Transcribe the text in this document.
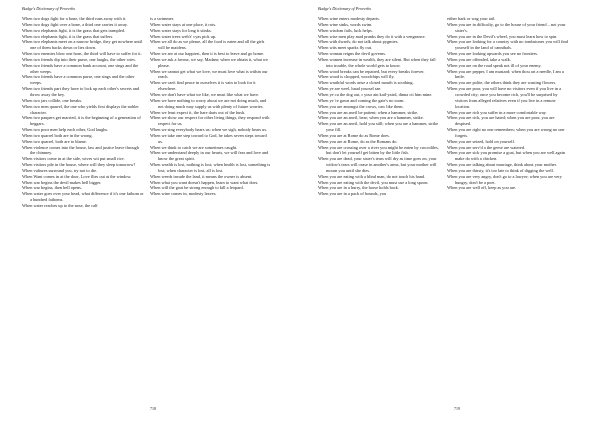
Budge's Dictionary of Proverbs
When two dogs fight for a bone, the third runs away with it.
When two dogs fight over a bone, a third one carries it away.
When two elephants fight, it is the grass that gets trampled.
When two elephants fight, it is the grass that suffers.
When two elephants meet on a narrow bridge, they get nowhere until one of them backs down or lies down.
When two enemies blow one horn, the third will have to suffer for it.
When two friends dip into their purse, one laughs, the other cries.
When two friends have a common bank account, one sings and the other weeps.
When two friends have a common purse, one sings and the other weeps.
When two friends part they have to lock up each other's secrets and throw away the key.
When two jars collide, one breaks.
When two men quarrel, the one who yields first displays the nobler character.
When two paupers get married, it is the beginning of a generation of beggars.
When two poor men help each other, God laughs.
When two quarrel both are in the wrong.
When two quarrel, both are to blame.
When violence comes into the house, law and justice leave through the chimney.
When visitors come in at the side, wives wit put small rice.
When visitors pile in the house, where will they sleep tomorrow?
When vultures surround you, try not to die.
When Want comes in at the door, Love flies out at the window.
When war begins the devil makes hell bigger.
When war begins, then hell opens.
When water goes over your head, what difference if it's one fathom or a hundred fathoms.
When water reaches up to the nose, the calf
is a swimmer.
When water stays at one place, it rots.
When water stays for long it stinks.
When water trees weh'z' cyas pick up.
When we all do as we please, all the food is eaten and all the girls will be maidens.
When we are at our happiest, then it is best to leave and go home.
When we ask a favour, we say, Madam; when we obtain it, what we please.
When we cannot get what we love, we must love what is within our reach.
When we can't find peace in ourselves it is vain to look for it elsewhere.
When we don't have what we like, we must like what we have.
When we have nothing to worry about we are not doing much, and not doing much may supply us with plenty of future worries.
When we least expect it, the hare darts out of the bush.
When we show our respect for other living things, they respond with respect for us.
When we sing everybody hears us; when we sigh, nobody hears us.
When we take one step toward to God, he takes seven steps toward us.
When we think to catch we are sometimes caught.
When we understand deeply in our hearts, we will fear and love and know the great spirit.
When wealth is lost, nothing is lost; when health is lost, something is lost; when character is lost, all is lost.
When weeds invade the land, it means the owner is absent.
When what you want doesn't happen, learn to want what does.
When will the goat be strong enough to kill a leopard.
When wine comes in, modesty leaves.
718
Budge's Dictionary of Proverbs
When wine enters modesty departs.
When wine sinks, words swim.
When wisdom fails, luck helps.
When wise men play mad pranks they do it with a vengeance.
When with dwarfs, do not talk about pygmies.
When wits meet sparks fly out.
When woman reigns the devil governs.
When women increase in wealth, they are silent. But when they fall into trouble, the whole world gets to know.
When wood breaks can be repaired, but every breaks forever.
When wood is chopped, woodchips will fly.
When wrathful words arise a closed mouth is soothing.
When ye are weel, haud yoursel sae.
When ye cu the dog out, r your ain kail-yaird, dinna cit him mine.
When ye 're gawn and coming the gate's no toom.
When you are amongst the crows, caw like them.
When you are an anvil be patient; when a hammer, strike.
When you are an anvil, bear; when you are a hammer, strike.
When you are an anvil, hold you still; when you are a hammer, strike your fill.
When you are at Rome do as Rome does.
When you are at Rome, do as the Romans do.
When you are crossing over a river you might be eaten by crocodiles, but don't let yourself get bitten by the little fish.
When you are dead, your sister's tears will dry as time goes on, your widow's tears will cease in another's arms, but your mother will mourn you until she dies.
When you are eating with a blind man, do not touch his hand.
When you are eating with the devil, you must use a long spoon.
When you are in a hurry, the horse holds back.
When you are in a pack of hounds, you
either bark or wag your tail.
When you are in difficulty, go to the house of your friend – not your sister's.
When you are in the Devil's wheel, you must learn how to spin.
When you are looking for a country with no tombstones you will find yourself in the land of cannibals.
When you are looking upwards you see no frontiers.
When you are offended, take a walk.
When you are on the road speak not ill of your enemy.
When you are pepper, I am mustard; when thou art a needle, I am a knife.
When you are polite, the others think they are wasting flowers.
When you are poor, you will have no visitors even if you live in a crowded city; once you become rich, you'll be surprised by visitors from alleged relatives even if you live in a remote location.
When you are rich you suffer in a more comfortable way.
When you are rich, you are hated; when you are poor, you are despised.
When you are right no one remembers; when you are wrong no one forgets.
When you are seized, hold on yourself.
When you are serv'd a the geese are watered.
When you are sick you promise a goat, but when you are well again make do with a chicken.
When you are talking about marriage, think about your mother.
When you are thirsty, it's too late to think of digging the well.
When you are very angry, don't go to a lawyer; when you are very hungry, don't be a poet.
When you are well off, keep as you are.
719
